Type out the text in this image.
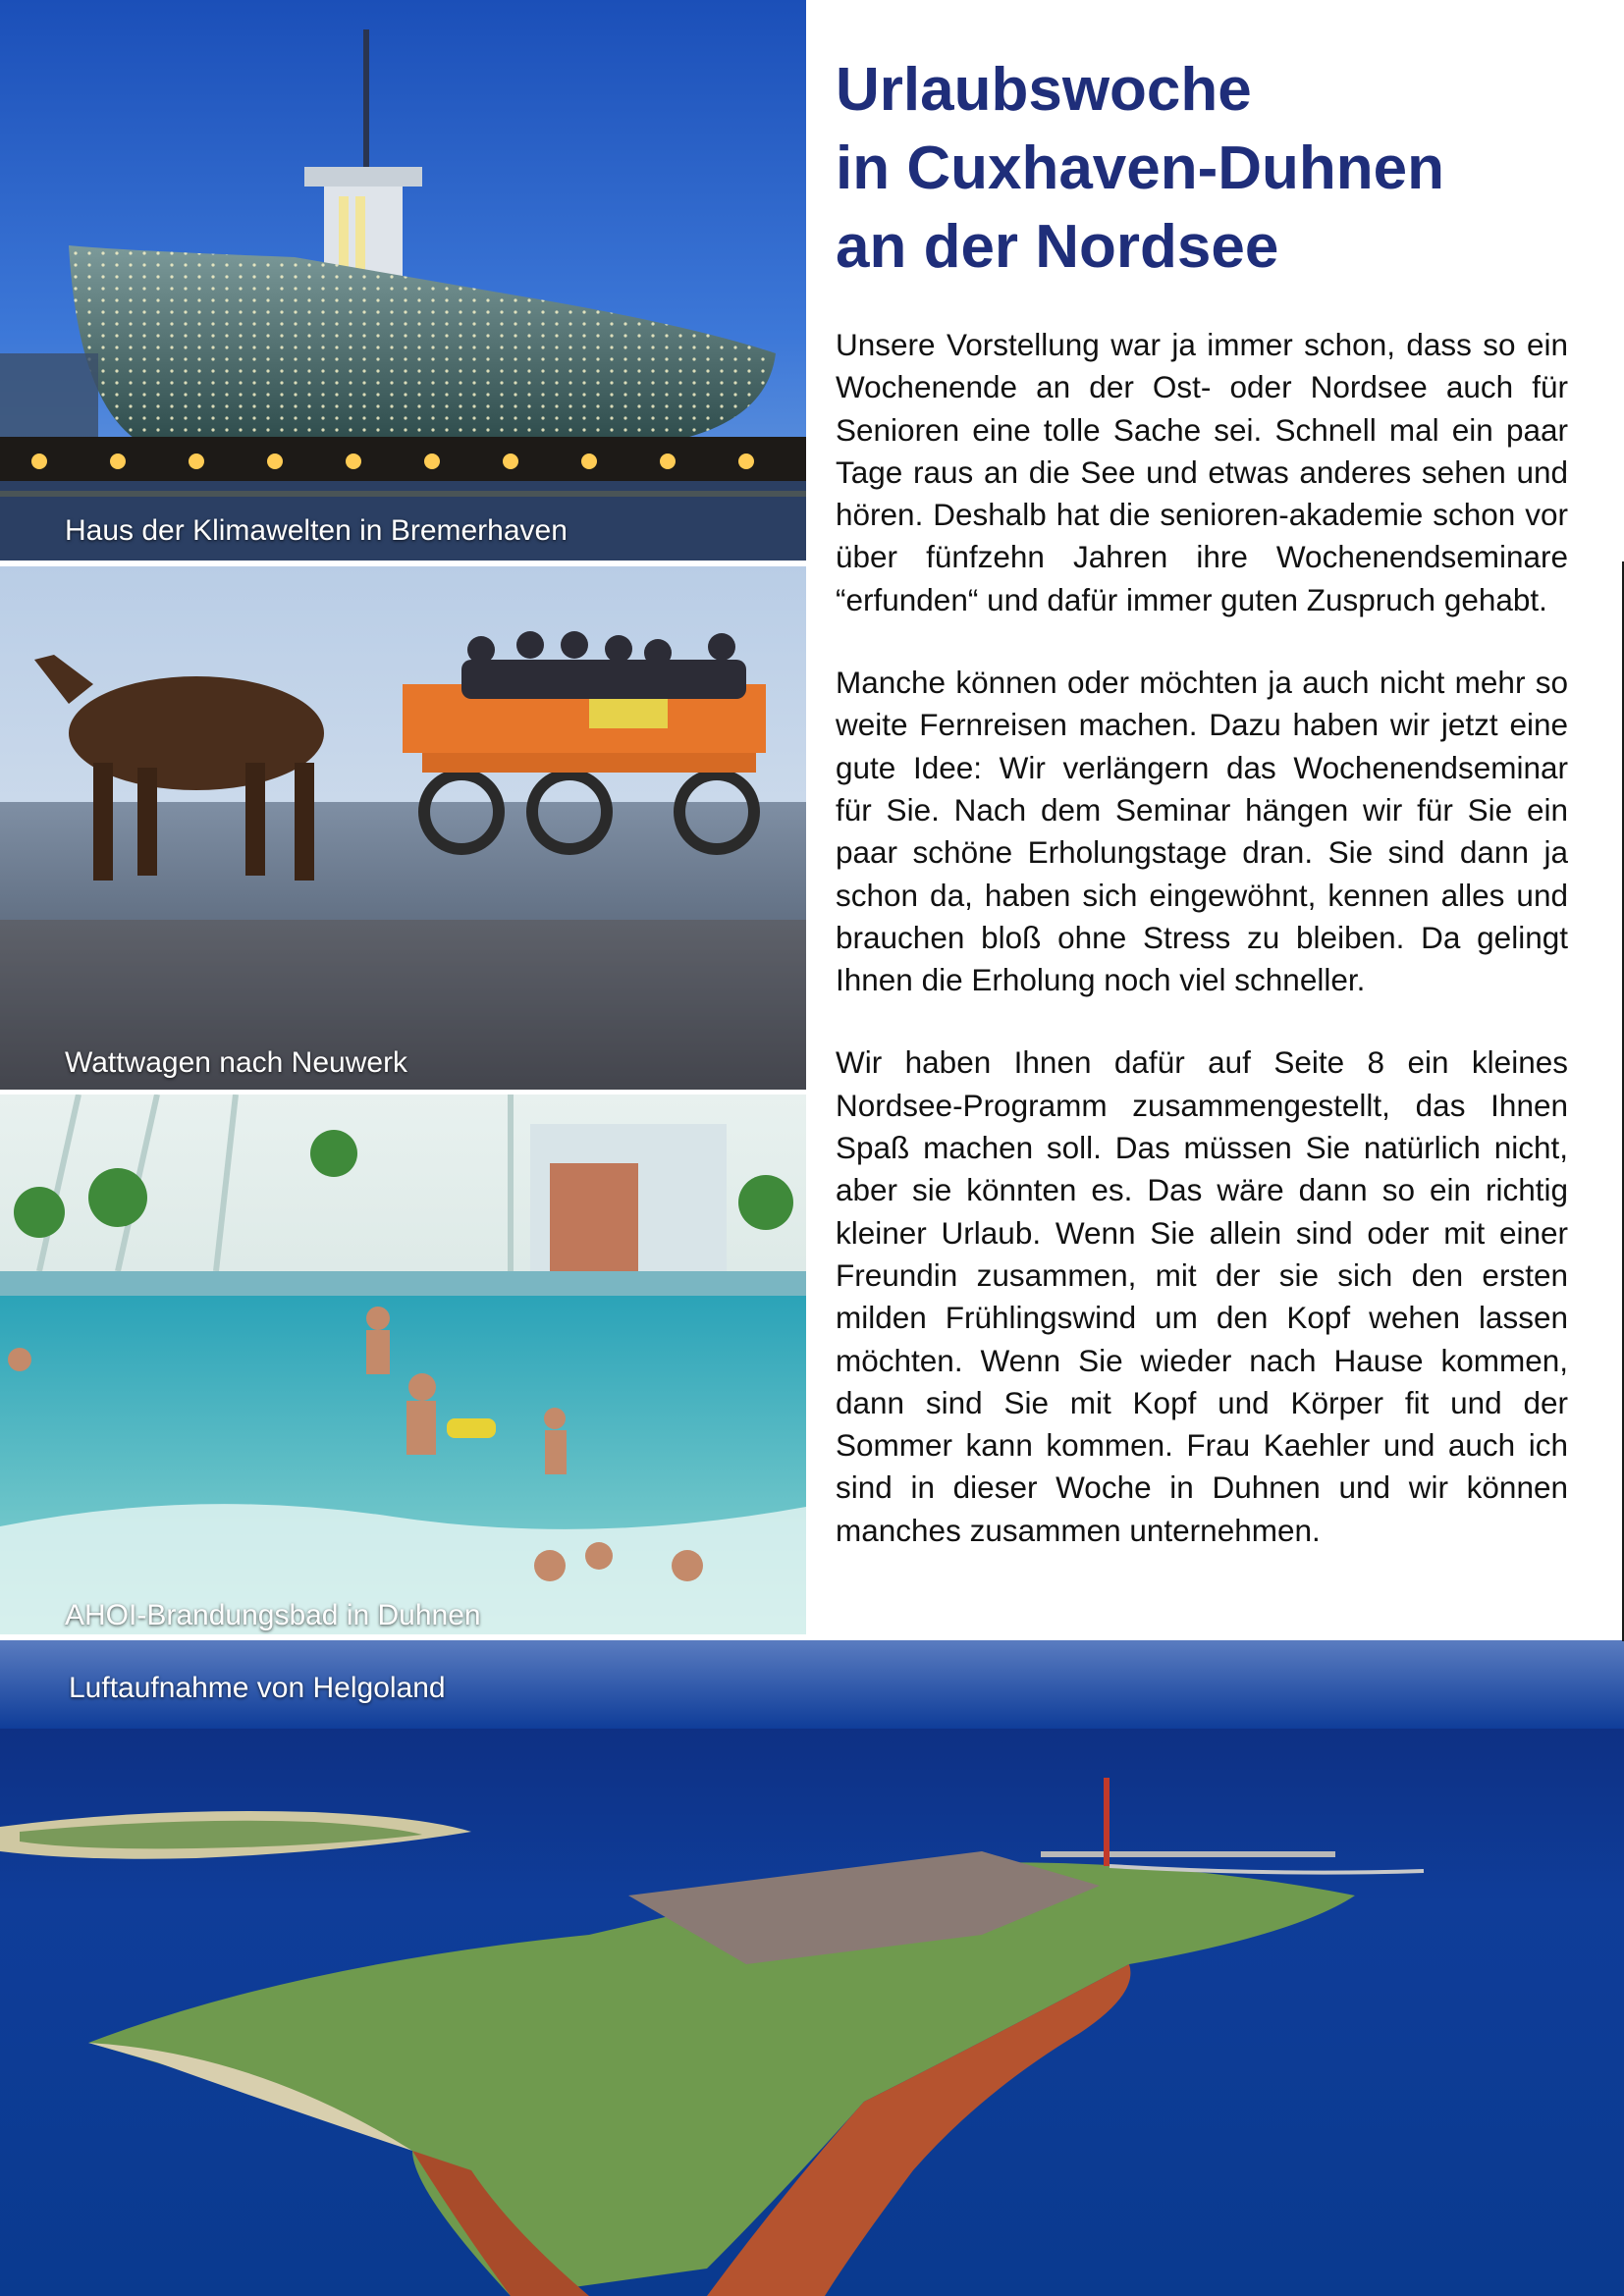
Haus der Klimawelten in Bremerhaven
Wattwagen nach Neuwerk
AHOI-Brandungsbad in Duhnen
Luftaufnahme von Helgoland
Urlaubswoche
in Cuxhaven-Duhnen
an der Nordsee

Unsere Vorstellung war ja immer schon, dass so ein Wochenende an der Ost- oder Nordsee auch für Senioren eine tolle Sache sei. Schnell mal ein paar Tage raus an die See und etwas anderes sehen und hören. Deshalb hat die senioren-akademie schon vor über fünfzehn Jahren ihre Wochenendseminare “erfunden“ und dafür immer guten Zuspruch gehabt.

Manche können oder möchten ja auch nicht mehr so weite Fernreisen machen. Dazu haben wir jetzt eine gute Idee: Wir verlängern das Wochenendseminar für Sie. Nach dem Seminar hängen wir für Sie ein paar schöne Erholungstage dran. Sie sind dann ja schon da, haben sich eingewöhnt, kennen alles und brauchen bloß ohne Stress zu bleiben. Da gelingt Ihnen die Erholung noch viel schneller.

Wir haben Ihnen dafür auf Seite 8 ein kleines Nordsee-Programm zusammengestellt, das Ihnen Spaß machen soll. Das müssen Sie natürlich nicht, aber sie könnten es. Das wäre dann so ein richtig kleiner Urlaub. Wenn Sie allein sind oder mit einer Freundin zusammen, mit der sie sich den ersten milden Frühlingswind um den Kopf wehen lassen möchten. Wenn Sie wieder nach Hause kommen, dann sind Sie mit Kopf und Körper fit und der Sommer kann kommen. Frau Kaehler und auch ich sind in dieser Woche in Duhnen und wir können manches zusammen unternehmen.
